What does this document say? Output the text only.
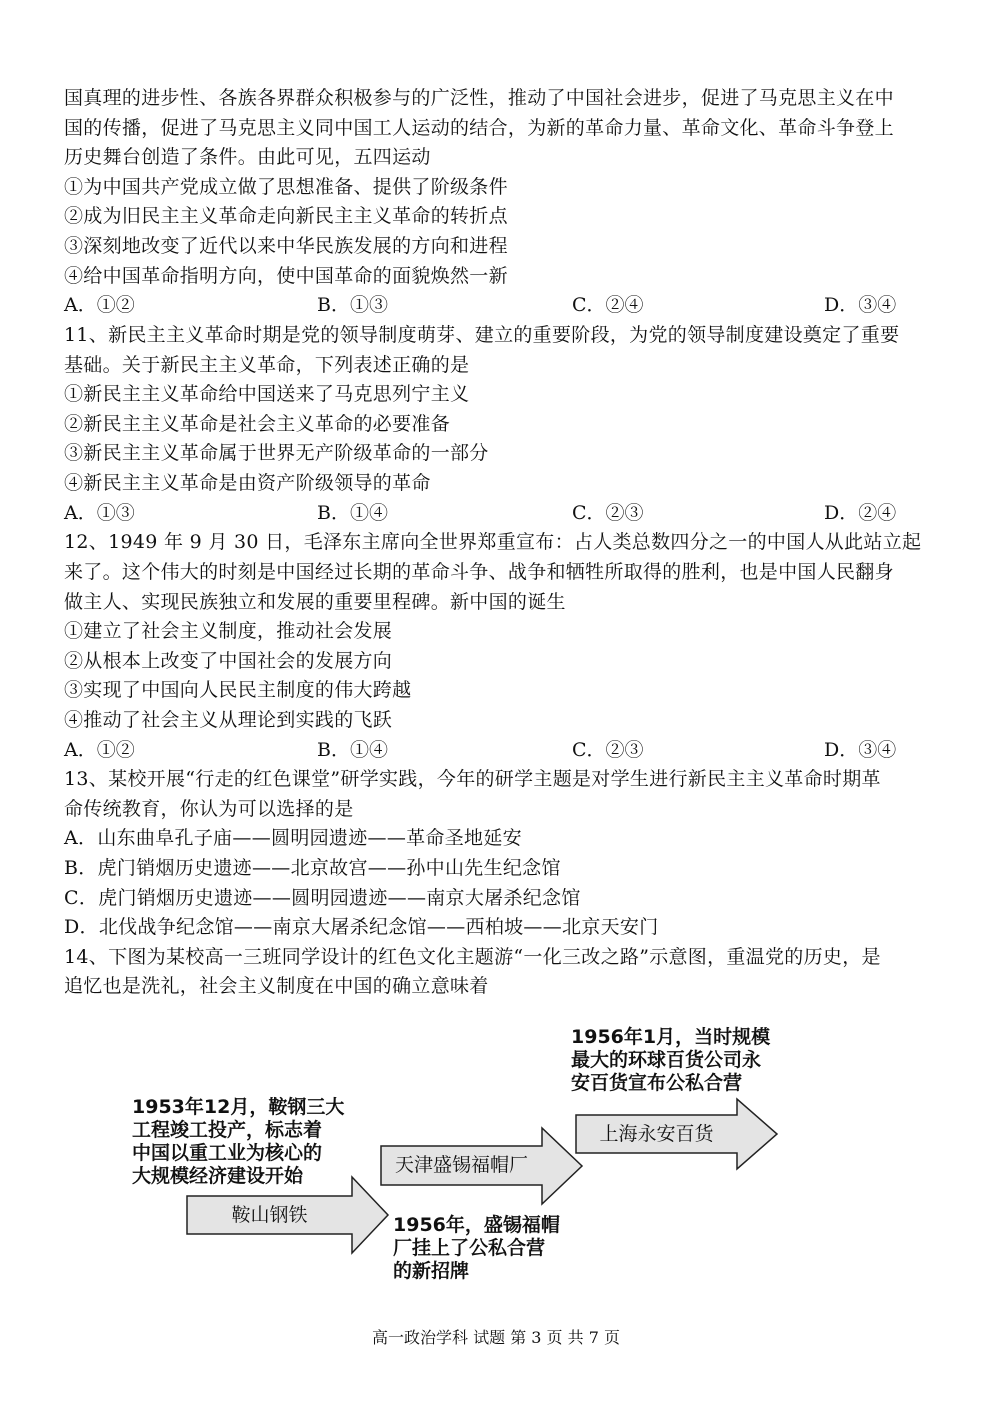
国真理的进步性、各族各界群众积极参与的广泛性，推动了中国社会进步，促进了马克思主义在中
国的传播，促进了马克思主义同中国工人运动的结合，为新的革命力量、革命文化、革命斗争登上
历史舞台创造了条件。由此可见，五四运动
①为中国共产党成立做了思想准备、提供了阶级条件
②成为旧民主主义革命走向新民主主义革命的转折点
③深刻地改变了近代以来中华民族发展的方向和进程
④给中国革命指明方向，使中国革命的面貌焕然一新
A．①②	B．①③	C．②④	D．③④
11、新民主主义革命时期是党的领导制度萌芽、建立的重要阶段，为党的领导制度建设奠定了重要
基础。关于新民主主义革命，下列表述正确的是
①新民主主义革命给中国送来了马克思列宁主义
②新民主主义革命是社会主义革命的必要准备
③新民主主义革命属于世界无产阶级革命的一部分
④新民主主义革命是由资产阶级领导的革命
A．①③	B．①④	C．②③	D．②④
12、1949 年 9 月 30 日，毛泽东主席向全世界郑重宣布：占人类总数四分之一的中国人从此站立起
来了。这个伟大的时刻是中国经过长期的革命斗争、战争和牺牲所取得的胜利，也是中国人民翻身
做主人、实现民族独立和发展的重要里程碑。新中国的诞生
①建立了社会主义制度，推动社会发展
②从根本上改变了中国社会的发展方向
③实现了中国向人民民主制度的伟大跨越
④推动了社会主义从理论到实践的飞跃
A．①②	B．①④	C．②③	D．③④
13、某校开展“行走的红色课堂”研学实践，今年的研学主题是对学生进行新民主主义革命时期革
命传统教育，你认为可以选择的是
A．山东曲阜孔子庙——圆明园遗迹——革命圣地延安
B．虎门销烟历史遗迹——北京故宫——孙中山先生纪念馆
C．虎门销烟历史遗迹——圆明园遗迹——南京大屠杀纪念馆
D．北伐战争纪念馆——南京大屠杀纪念馆——西柏坡——北京天安门
14、下图为某校高一三班同学设计的红色文化主题游“一化三改之路”示意图，重温党的历史，是
追忆也是洗礼，社会主义制度在中国的确立意味着
鞍山钢铁
天津盛锡福帽厂
上海永安百货
1953年12月，鞍钢三大
工程竣工投产，标志着
中国以重工业为核心的
大规模经济建设开始
1956年，盛锡福帽
厂挂上了公私合营
的新招牌
1956年1月，当时规模
最大的环球百货公司永
安百货宣布公私合营
高一政治学科 试题 第 3 页 共 7 页
